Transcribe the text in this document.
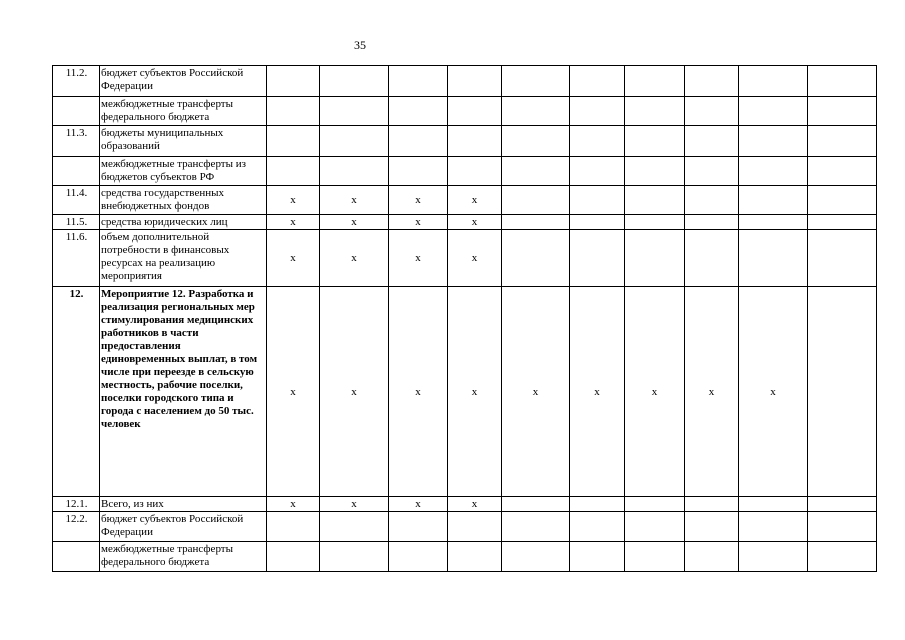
35
11.2.	бюджет субъектов Российской Федерации											
	межбюджетные трансферты федерального бюджета											
11.3.	бюджеты муниципальных образований											
	межбюджетные трансферты из бюджетов субъектов РФ											
11.4.	средства государственных внебюджетных фондов	x	x	x	x							
11.5.	средства юридических лиц	x	x	x	x							
11.6.	объем дополнительной потребности в финансовых ресурсах на реализацию мероприятия	x	x	x	x							
12.	Мероприятие 12. Разработка и реализация региональных мер стимулирования медицинских работников в части предоставления единовременных выплат, в том числе при переезде в сельскую местность, рабочие поселки, поселки городского типа и города с населением до 50 тыс. человек	x	x	x	x	x	x	x	x	x		
12.1.	Всего, из них	x	x	x	x							
12.2.	бюджет субъектов Российской Федерации											
	межбюджетные трансферты федерального бюджета											
